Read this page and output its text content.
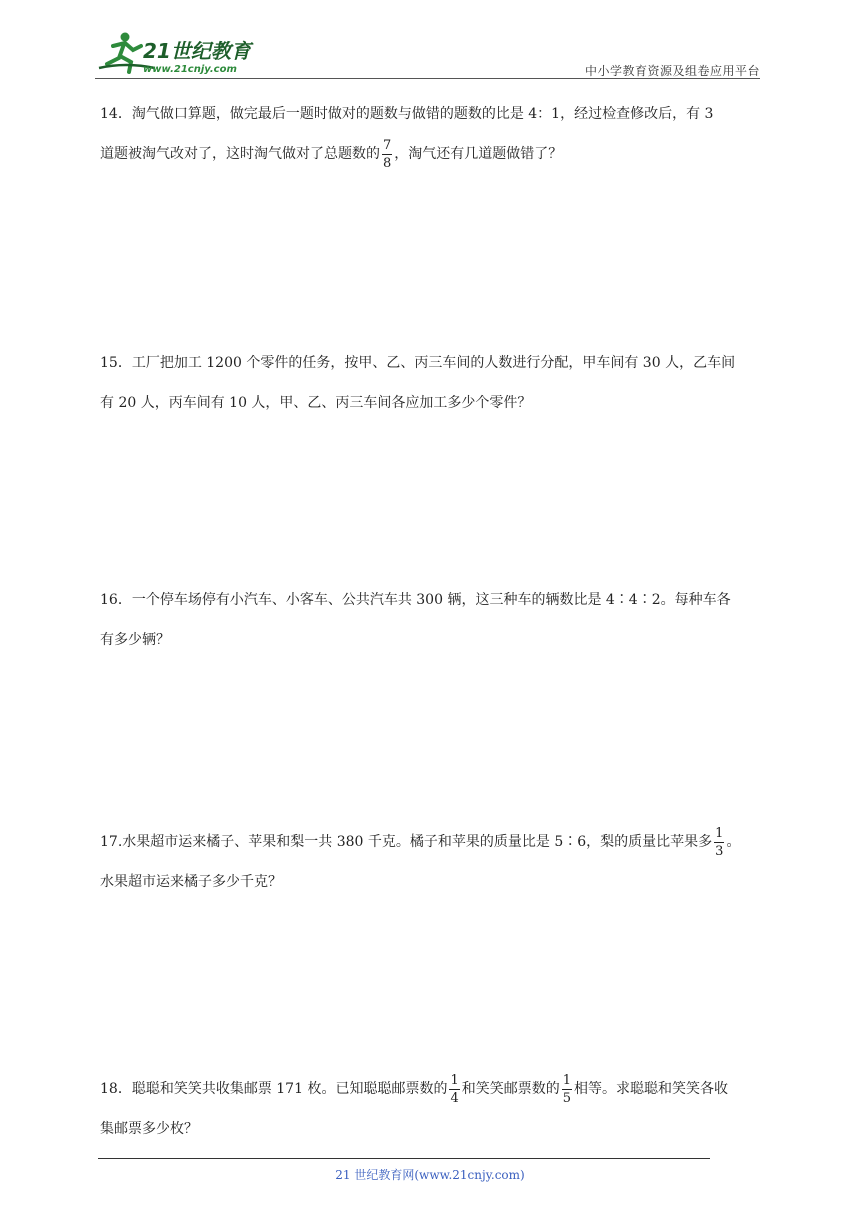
21世纪教育
www.21cnjy.com	中小学教育资源及组卷应用平台

14．淘气做口算题，做完最后一题时做对的题数与做错的题数的比是 4：1，经过检查修改后，有 3

道题被淘气改对了，这时淘气做对了总题数的 $\frac{7}{8}$ ，淘气还有几道题做错了？

15．工厂把加工 1200 个零件的任务，按甲、乙、丙三车间的人数进行分配，甲车间有 30 人，乙车间

有 20 人，丙车间有 10 人，甲、乙、丙三车间各应加工多少个零件？

16．一个停车场停有小汽车、小客车、公共汽车共 300 辆，这三种车的辆数比是 4∶4∶2。每种车各

有多少辆？

17.水果超市运来橘子、苹果和梨一共 380 千克。橘子和苹果的质量比是 5∶6，梨的质量比苹果多 $\frac{1}{3}$ 。

水果超市运来橘子多少千克？

18．聪聪和笑笑共收集邮票 171 枚。已知聪聪邮票数的 $\frac{1}{4}$ 和笑笑邮票数的 $\frac{1}{5}$ 相等。求聪聪和笑笑各收

集邮票多少枚？

21 世纪教育网(www.21cnjy.com)
